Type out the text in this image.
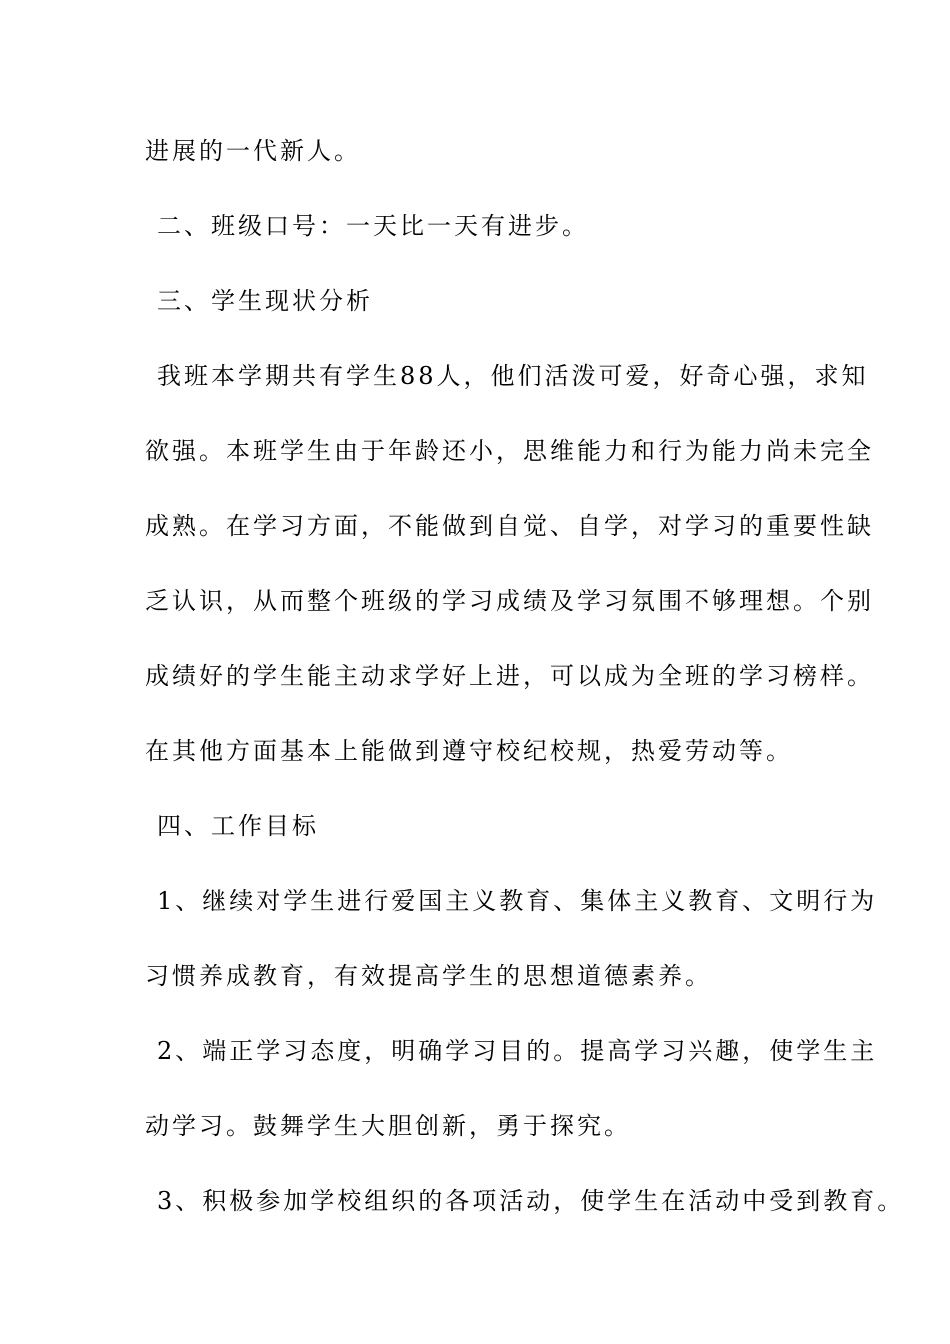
进展的一代新人。
二、班级口号：一天比一天有进步。
三、学生现状分析
我班本学期共有学生88人，他们活泼可爱，好奇心强，求知
欲强。本班学生由于年龄还小，思维能力和行为能力尚未完全
成熟。在学习方面，不能做到自觉、自学，对学习的重要性缺
乏认识，从而整个班级的学习成绩及学习氛围不够理想。个别
成绩好的学生能主动求学好上进，可以成为全班的学习榜样。
在其他方面基本上能做到遵守校纪校规，热爱劳动等。
四、工作目标
1、继续对学生进行爱国主义教育、集体主义教育、文明行为
习惯养成教育，有效提高学生的思想道德素养。
2、端正学习态度，明确学习目的。提高学习兴趣，使学生主
动学习。鼓舞学生大胆创新，勇于探究。
3、积极参加学校组织的各项活动，使学生在活动中受到教育。
